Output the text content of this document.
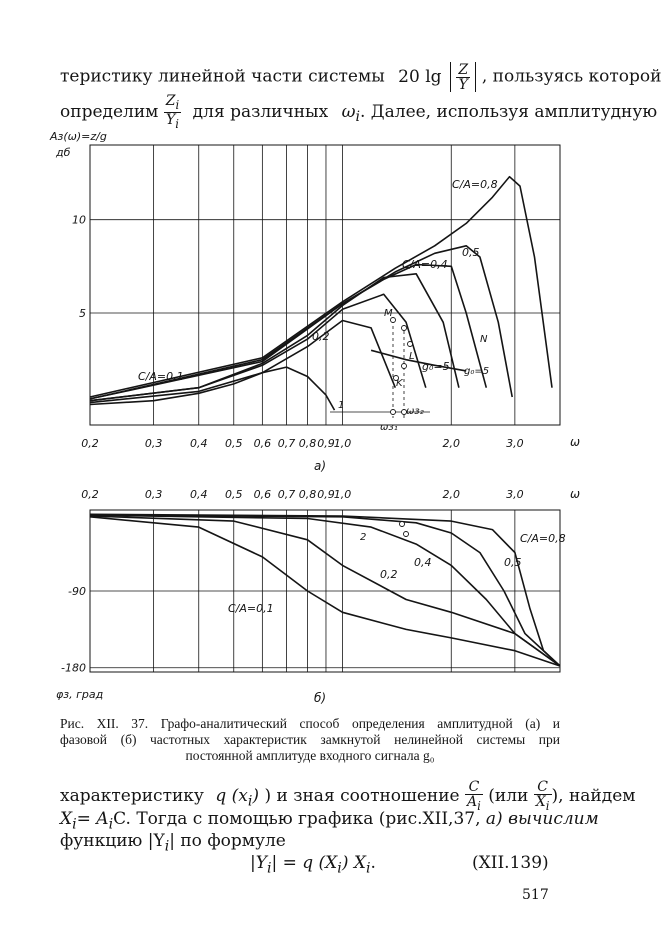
теристику линейной части системы 20 $\lg \frac{Z}{Y}$ , пользуясь которой
определим $\frac{Z_i}{Y_i}$ для различных $\omega_i$. Далее, используя амплитудную
0,2	0,3	0,4 0,5 0,6 0,7 0,8 0,9 1,0	2,0	3,0
5
10
Aз(ω)=z/g
дб
ω
а)
C/A=0,1
0,2
C/A=0,4
0,5
C/A=0,8
g₀=5
M
N
L
K
1
g₀=5
ωз₁
ωз₂
0,2	0,3	0,4 0,5 0,6 0,7 0,8 0,9 1,0	2,0	3,0
-90
-180
ω
φз, град	б)
C/A=0,1
0,2
0,4	0,5
C/A=0,8
2
Рис. XII. 37. Графо-аналитический способ определения амплитудной (а) и
фазовой (б) частотных характеристик замкнутой нелинейной системы при
постоянной амплитуде входного сигнала g₀
характеристику q $(x_i)$ ) и зная соотношение $\frac{C}{A_i} (или \frac{C}{X_i}$ ), найдем
$X_i= A_iC$. Тогда с помощью графика (рис.XII,37, а) вычислим
функцию $|Y_i|$ по формуле
$|Y_i| = q$ $(X_i)$ $X_i$.	(XII.139)
517
